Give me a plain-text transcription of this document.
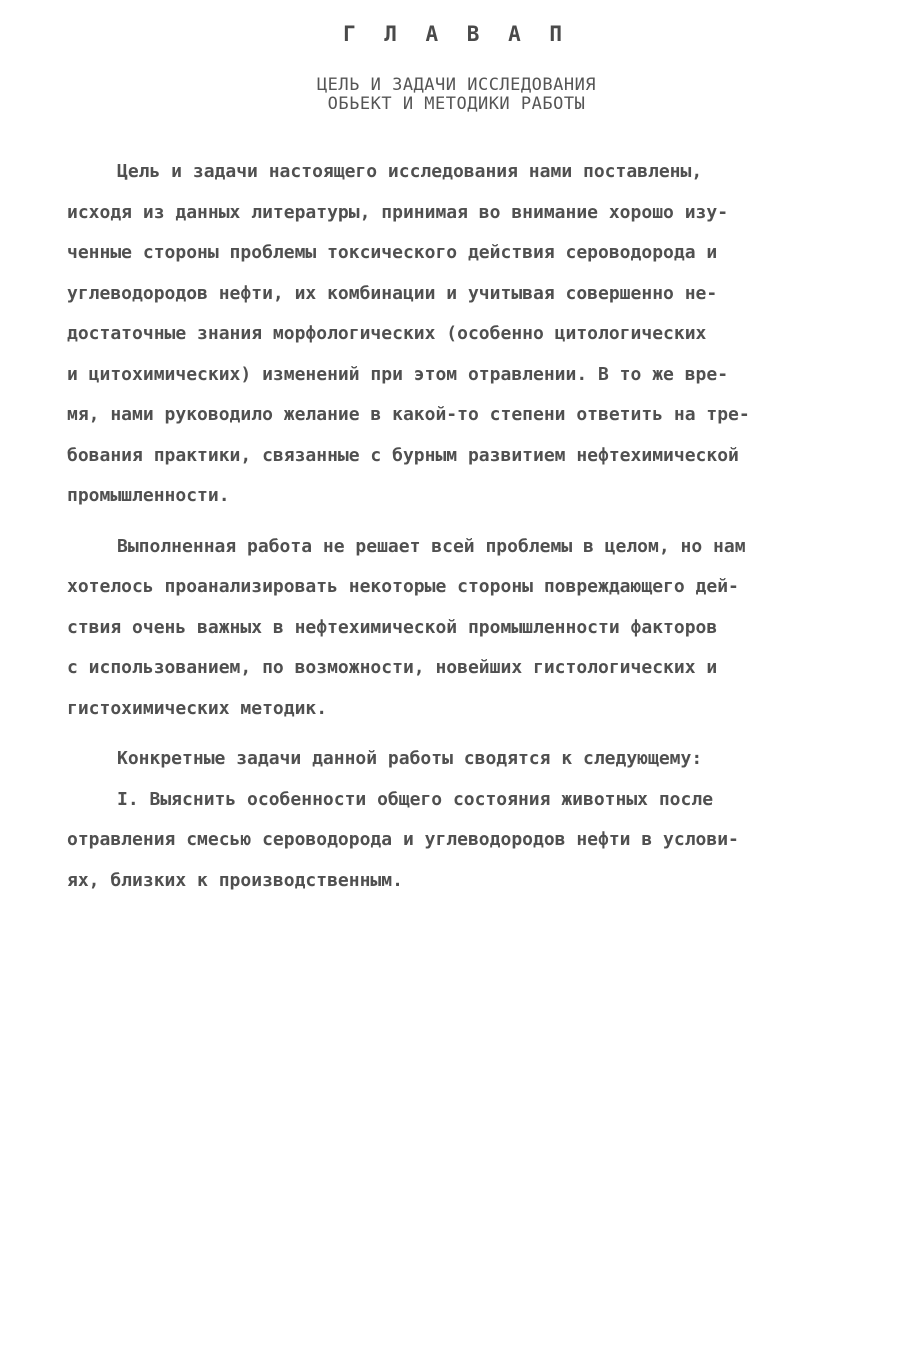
Г Л А В А П
ЦЕЛЬ И ЗАДАЧИ ИССЛЕДОВАНИЯ
ОБЬЕКТ И МЕТОДИКИ РАБОТЫ
Цель и задачи настоящего исследования нами поставлены,
исходя из данных литературы, принимая во внимание хорошо изу-
ченные стороны проблемы токсического действия сероводорода и
углеводородов нефти, их комбинации и учитывая совершенно не-
достаточные знания морфологических (особенно цитологических
и цитохимических) изменений при этом отравлении. В то же вре-
мя, нами руководило желание в какой-то степени ответить на тре-
бования практики, связанные с бурным развитием нефтехимической
промышленности.
Выполненная работа не решает всей проблемы в целом, но нам
хотелось проанализировать некоторые стороны повреждающего дей-
ствия очень важных в нефтехимической промышленности факторов
с использованием, по возможности, новейших гистологических и
гистохимических методик.
Конкретные задачи данной работы сводятся к следующему:
I. Выяснить особенности общего состояния животных после
отравления смесью сероводорода и углеводородов нефти в услови-
ях, близких к производственным.
